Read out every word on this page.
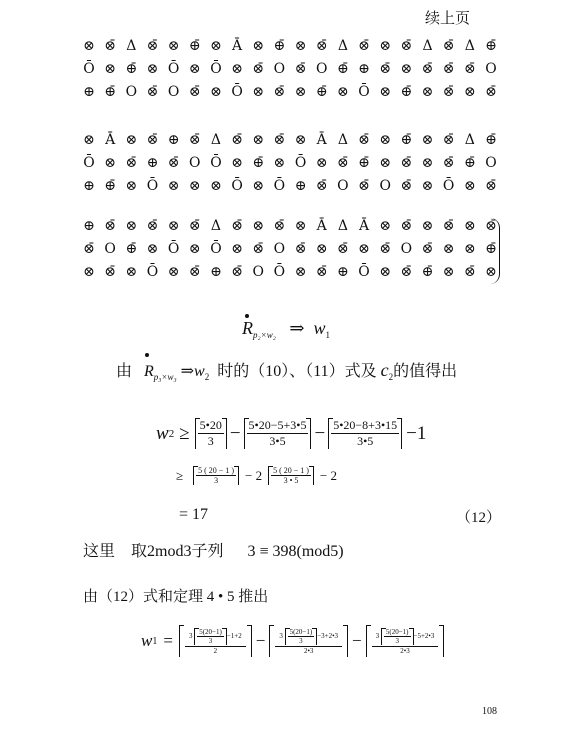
续上页
⊗ ⊗̄ Δ ⊗̄ ⊗ ⊕̄ ⊗ Ā ⊗ ⊕̄ ⊗ ⊗̄ Δ ⊗̄ ⊗ ⊗̄ Δ ⊗̄ Δ ⊕̄
Ō ⊗ ⊕̄ ⊗ Ō ⊗ Ō ⊗ ⊗̄ O ⊗̄ O ⊕̄ ⊕ ⊗̄ ⊗ ⊗̄ ⊗̄ ⊗̄ O
⊕ ⊕̄ O ⊗̄ O ⊗̄ ⊗ Ō ⊗ ⊗̄ ⊗ ⊕̄ ⊗ Ō ⊗ ⊕̄ ⊗ ⊗̄ ⊗ ⊗̄
⊗ Ā ⊗ ⊗̄ ⊕ ⊗̄ Δ ⊗̄ ⊗ ⊗̄ ⊗ Ā Δ ⊗̄ ⊗ ⊕̄ ⊗ ⊗̄ Δ ⊕̄
Ō ⊗ ⊗̄ ⊕ ⊗̄ O Ō ⊗ ⊕̄ ⊗ Ō ⊗ ⊗̄ ⊕̄ ⊗ ⊗̄ ⊗ ⊗̄ ⊕̄ O
⊕ ⊕̄ ⊗ Ō ⊗ ⊗ ⊗ Ō ⊗ Ō ⊕ ⊗̄ O ⊗̄ O ⊗̄ ⊗ Ō ⊗ ⊗̄
⊕ ⊗̄ ⊗ ⊗̄ ⊗ ⊗̄ Δ ⊗̄ ⊗ ⊗̄ ⊗ Ā Δ Ā ⊗ ⊗̄ ⊗ ⊗̄ ⊗ ⊗̄
⊗̄ O ⊕̄ ⊗ Ō ⊗ Ō ⊗ ⊗̄ O ⊗̄ ⊗ ⊗̄ ⊗ ⊗̄ O ⊗̄ ⊗ ⊗ ⊕̄
⊗ ⊗̄ ⊗ Ō ⊗ ⊗̄ ⊕ ⊗̄ O Ō ⊗ ⊗̄ ⊕ Ō ⊗ ⊗̄ ⊕̄ ⊗ ⊗̄ ⊗
$R_{p_2\times w_2}$ ⇒ $w_1$
由 $R_{p_3\times w_3}$ $\Rightarrow w_2$ 时的（10）、（11）式及 $c_2$的值得出
w $2 \ge \frac{5•20}{3} - \frac{5•20-5+3•5}{3•5} - \frac{5•20-8+3•15}{3•5} -1$
≥ $\frac{5 ( 20 - 1 )}{3} - 2 \frac{5 ( 20 - 1 )}{3 • 5} - 2$
= 17	（12）
这里 取2mod3子列 3 ≡ 398(mod5)
由（12）式和定理 4 • 5 推出
w $1 = \frac{3 \frac{5(20-1)}{3} -1+2}{2} - \frac{3 \frac{5(20-1)}{3} -3+2•3}{2•3} - \frac{3 \frac{5(20-1)}{3} -5+2•3}{2•3}$
108
